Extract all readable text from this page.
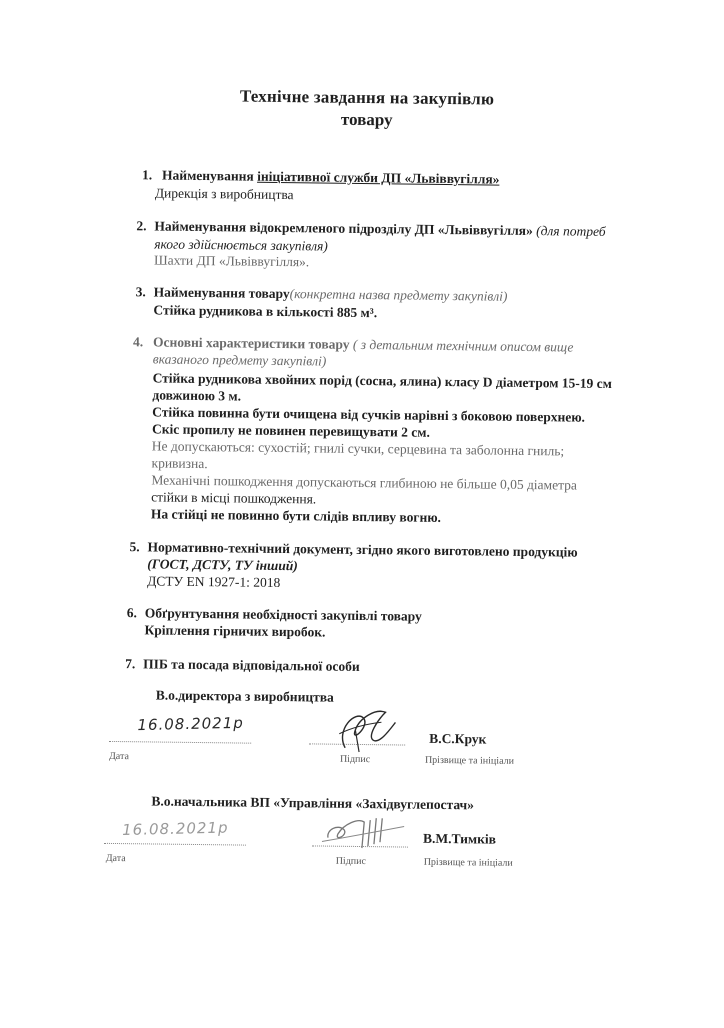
Технічне завдання на закупівлю
товару
1. Найменування ініціативної служби ДП «Львіввугілля»
Дирекція з виробництва
2. Найменування відокремленого підрозділу ДП «Львіввугілля» (для потреб
якого здійснюється закупівля)
Шахти ДП «Львіввугілля».
3. Найменування товару(конкретна назва предмету закупівлі)
Стійка рудникова в кількості 885 м³.
4. Основні характеристики товару ( з детальним технічним описом вище
вказаного предмету закупівлі)
Стійка рудникова хвойних порід (сосна, ялина) класу D діаметром 15-19 см
довжиною 3 м.
Стійка повинна бути очищена від сучків нарівні з боковою поверхнею.
Скіс пропилу не повинен перевищувати 2 см.
Не допускаються: сухостій; гнилі сучки, серцевина та заболонна гниль;
кривизна.
Механічні пошкодження допускаються глибиною не більше 0,05 діаметра
стійки в місці пошкодження.
На стійці не повинно бути слідів впливу вогню.
5. Нормативно-технічний документ, згідно якого виготовлено продукцію
(ГОСТ, ДСТУ, ТУ інший)
ДСТУ EN 1927-1: 2018
6. Обґрунтування необхідності закупівлі товару
Кріплення гірничих виробок.
7. ПІБ та посада відповідальної особи
В.о.директора з виробництва
16.08.2021р
В.С.Крук
Дата	Підпис	Прізвище та ініціали
В.о.начальника ВП «Управління «Західвуглепостач»
16.08.2021р	В.М.Тимків
Дата	Підпис	Прізвище та ініціали
